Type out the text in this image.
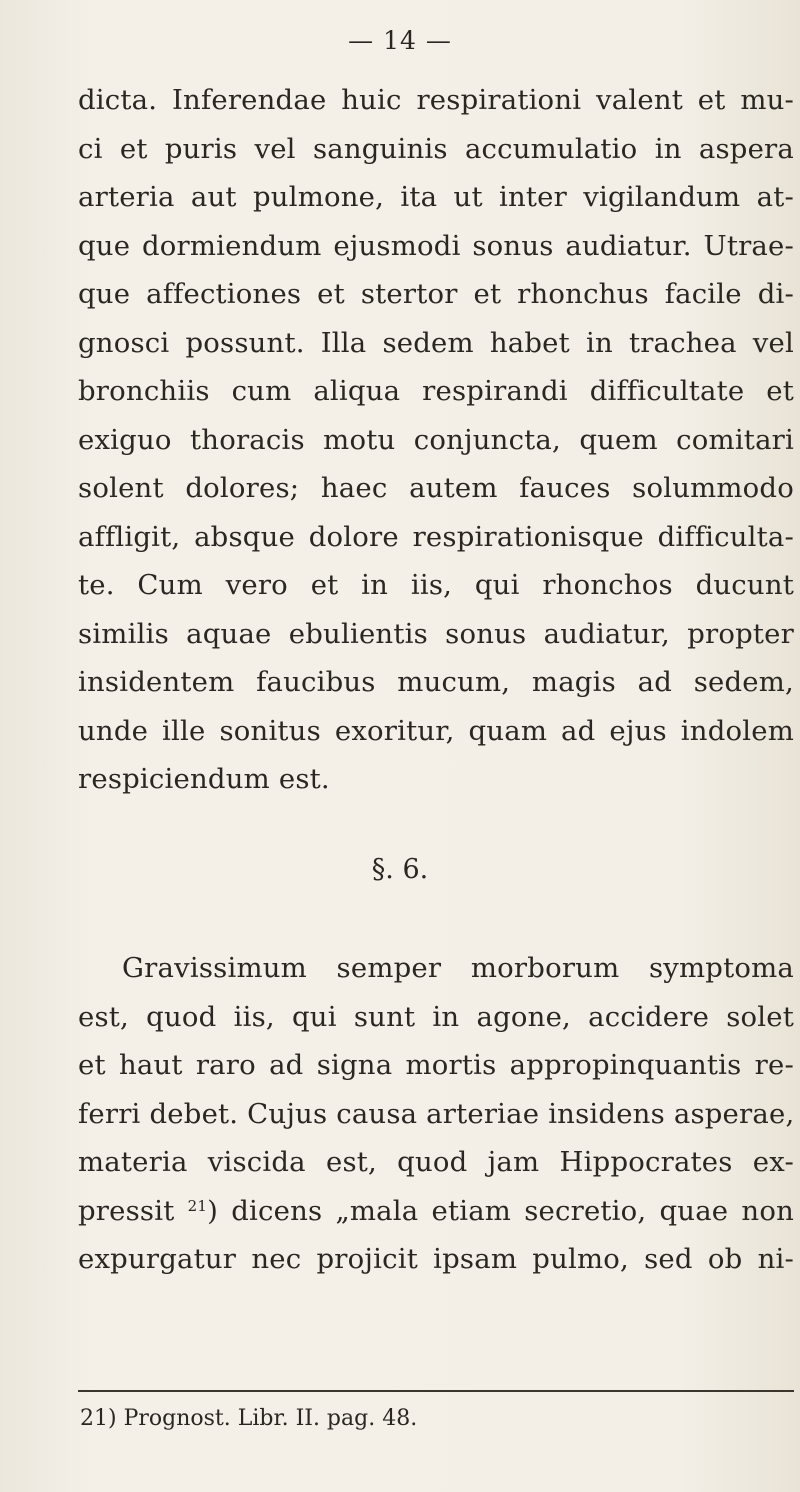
— 14 —
dicta. Inferendae huic respirationi valent et mu-
ci et puris vel sanguinis accumulatio in aspera
arteria aut pulmone, ita ut inter vigilandum at-
que dormiendum ejusmodi sonus audiatur. Utrae-
que affectiones et stertor et rhonchus facile di-
gnosci possunt. Illa sedem habet in trachea vel
bronchiis cum aliqua respirandi difficultate et
exiguo thoracis motu conjuncta, quem comitari
solent dolores; haec autem fauces solummodo
affligit, absque dolore respirationisque difficulta-
te. Cum vero et in iis, qui rhonchos ducunt
similis aquae ebulientis sonus audiatur, propter
insidentem faucibus mucum, magis ad sedem,
unde ille sonitus exoritur, quam ad ejus indolem
respiciendum est.
§. 6.
Gravissimum semper morborum symptoma
est, quod iis, qui sunt in agone, accidere solet
et haut raro ad signa mortis appropinquantis re-
ferri debet. Cujus causa arteriae insidens asperae,
materia viscida est, quod jam Hippocrates ex-
pressit $^{21}$) dicens „mala etiam secretio, quae non
expurgatur nec projicit ipsam pulmo, sed ob ni-
21) Prognost. Libr. II. pag. 48.
